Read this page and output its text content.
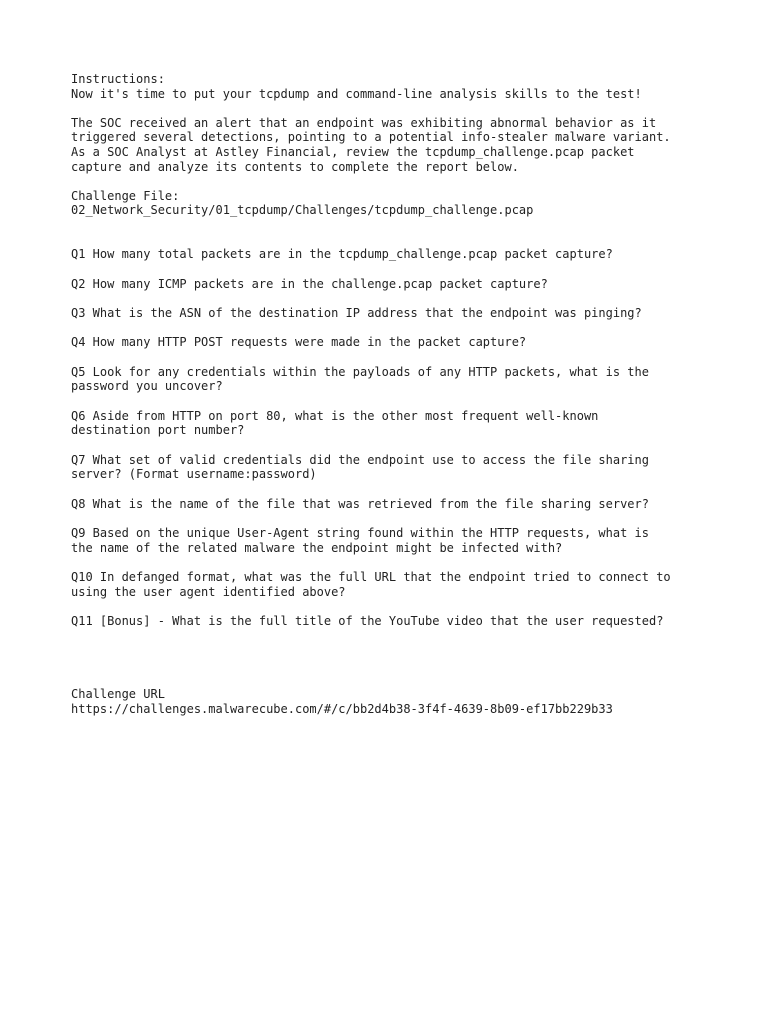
Instructions:
Now it's time to put your tcpdump and command-line analysis skills to the test!
The SOC received an alert that an endpoint was exhibiting abnormal behavior as it
triggered several detections, pointing to a potential info-stealer malware variant.
As a SOC Analyst at Astley Financial, review the tcpdump_challenge.pcap packet
capture and analyze its contents to complete the report below.
Challenge File:
02_Network_Security/01_tcpdump/Challenges/tcpdump_challenge.pcap
Q1 How many total packets are in the tcpdump_challenge.pcap packet capture?
Q2 How many ICMP packets are in the challenge.pcap packet capture?
Q3 What is the ASN of the destination IP address that the endpoint was pinging?
Q4 How many HTTP POST requests were made in the packet capture?
Q5 Look for any credentials within the payloads of any HTTP packets, what is the
password you uncover?
Q6 Aside from HTTP on port 80, what is the other most frequent well-known
destination port number?
Q7 What set of valid credentials did the endpoint use to access the file sharing
server? (Format username:password)
Q8 What is the name of the file that was retrieved from the file sharing server?
Q9 Based on the unique User-Agent string found within the HTTP requests, what is
the name of the related malware the endpoint might be infected with?
Q10 In defanged format, what was the full URL that the endpoint tried to connect to
using the user agent identified above?
Q11 [Bonus] - What is the full title of the YouTube video that the user requested?
Challenge URL
https://challenges.malwarecube.com/#/c/bb2d4b38-3f4f-4639-8b09-ef17bb229b33
